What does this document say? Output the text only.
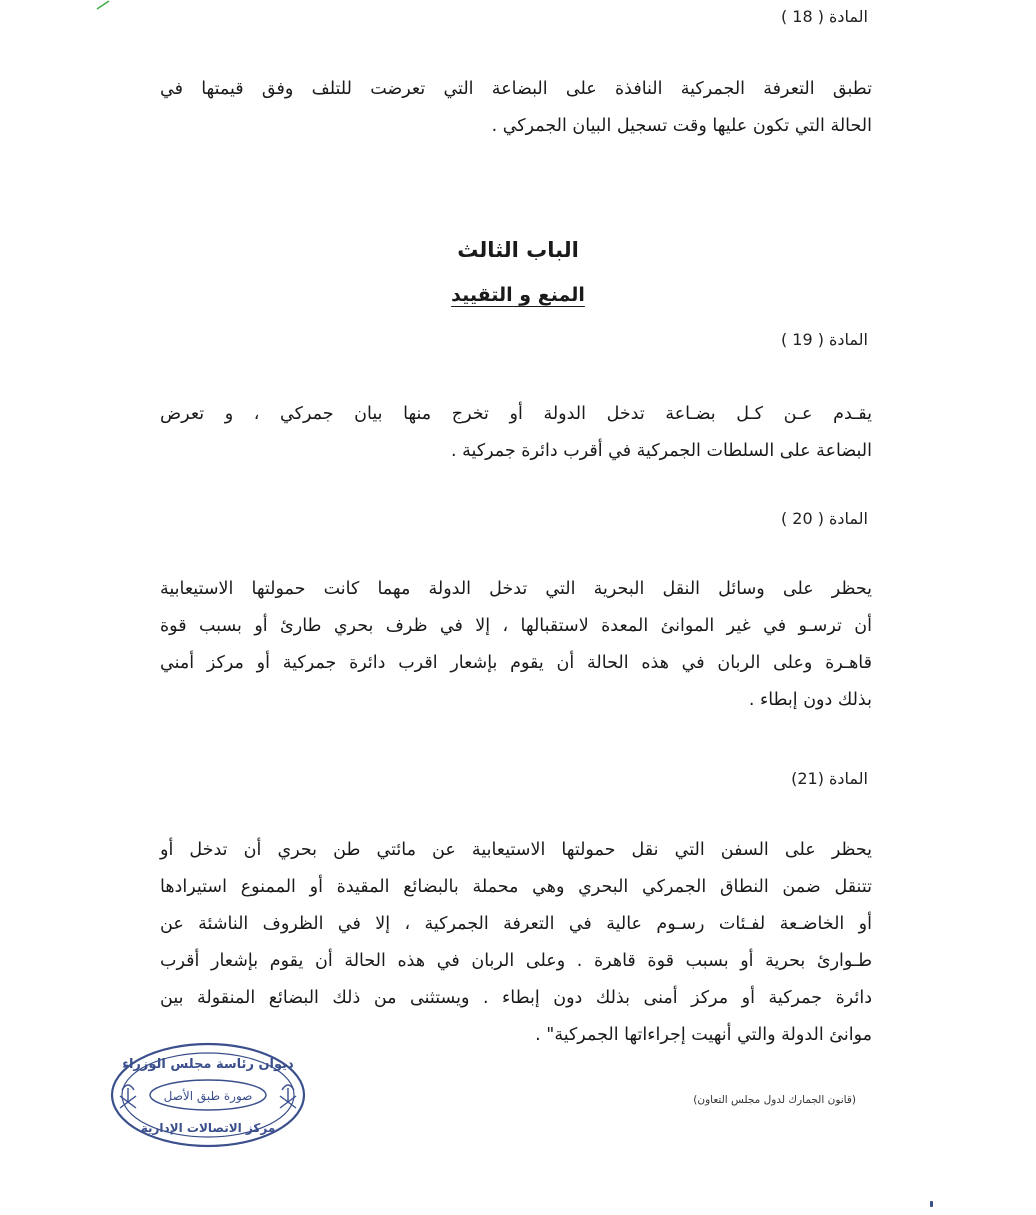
المادة ( 18 )
تطبق التعرفة الجمركية النافذة على البضاعة التي تعرضت للتلف وفق قيمتها في
الحالة التي تكون عليها وقت تسجيل البيان الجمركي .
الباب الثالث
المنع و التقييد
المادة ( 19 )
يقـدم عـن كـل بضـاعة تدخل الدولة أو تخرج منها بيان جمركي ، و تعرض
البضاعة على السلطات الجمركية في أقرب دائرة جمركية .
المادة ( 20 )
يحظر على وسائل النقل البحرية التي تدخل الدولة مهما كانت حمولتها الاستيعابية
أن ترسـو في غير الموانئ المعدة لاستقبالها ، إلا في ظرف بحري طارئ أو بسبب قوة
قاهـرة وعلى الربان في هذه الحالة أن يقوم بإشعار اقرب دائرة جمركية أو مركز أمني
بذلك دون إبطاء .
المادة (21)
يحظر على السفن التي نقل حمولتها الاستيعابية عن مائتي طن بحري أن تدخل أو
تتنقل ضمن النطاق الجمركي البحري وهي محملة بالبضائع المقيدة أو الممنوع استيرادها
أو الخاضـعة لفـئات رسـوم عالية في التعرفة الجمركية ، إلا في الظروف الناشئة عن
طـوارئ بحرية أو بسبب قوة قاهرة . وعلى الربان في هذه الحالة أن يقوم بإشعار أقرب
دائرة جمركية أو مركز أمنى بذلك دون إبطاء . ويستثنى من ذلك البضائع المنقولة بين
موانئ الدولة والتي أنهيت إجراءاتها الجمركية" .
(قانون الجمارك لدول مجلس التعاون)
ديوان رئاسة مجلس الوزراء
صورة طبق الأصل
مركز الاتصالات الإدارية
